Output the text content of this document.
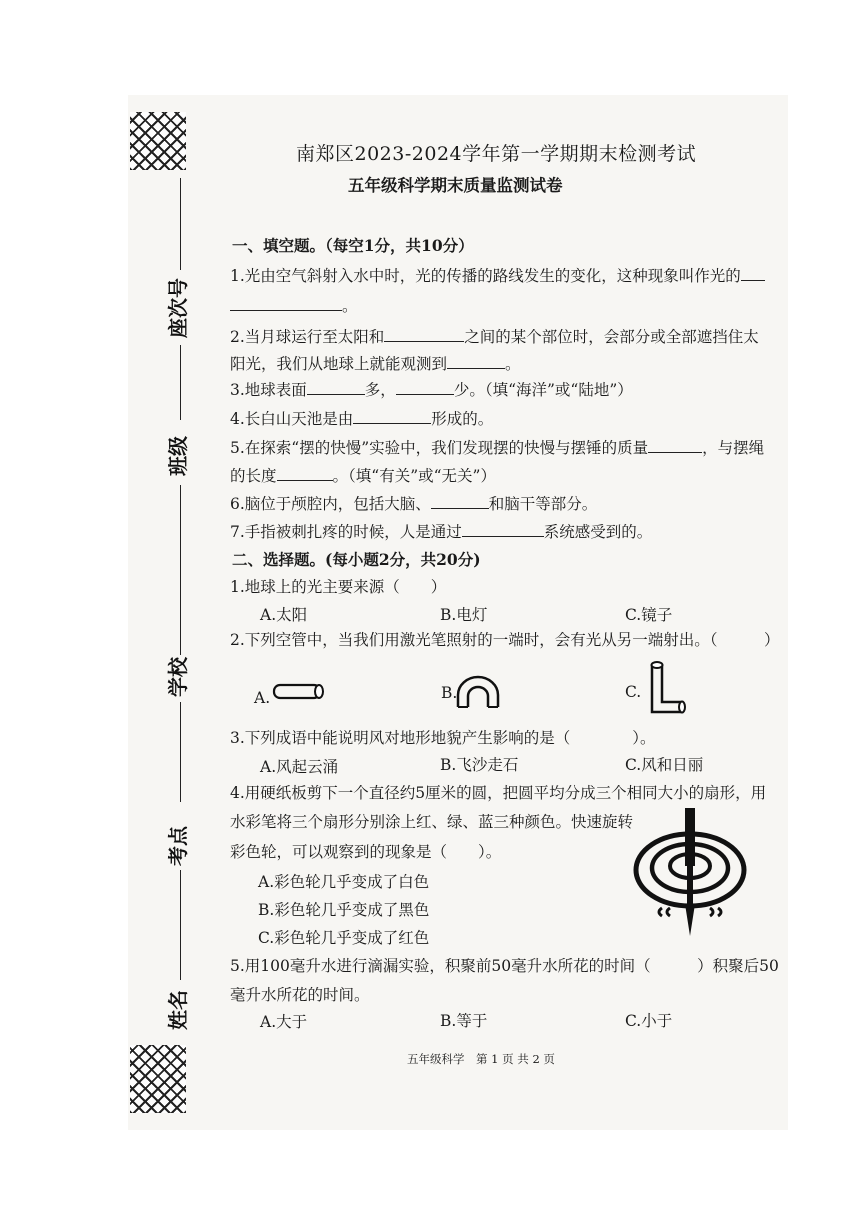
座次号
班级
学校
考点
姓名
南郑区2023-2024学年第一学期期末检测考试
五年级科学期末质量监测试卷
一、填空题。（每空1分，共10分）
1.光由空气斜射入水中时，光的传播的路线发生的变化，这种现象叫作光的
。
2.当月球运行至太阳和	之间的某个部位时，会部分或全部遮挡住太
阳光，我们从地球上就能观测到	。
3.地球表面	多，	少。（填“海洋”或“陆地”）
4.长白山天池是由	形成的。
5.在探索“摆的快慢”实验中，我们发现摆的快慢与摆锤的质量	，与摆绳
的长度	。（填“有关”或“无关”）
6.脑位于颅腔内，包括大脑、	和脑干等部分。
7.手指被刺扎疼的时候，人是通过	系统感受到的。
二、选择题。(每小题2分，共20分)
1.地球上的光主要来源（　　）
A.太阳	B.电灯	C.镜子
2.下列空管中，当我们用激光笔照射的一端时，会有光从另一端射出。（　　　）
A.	B.	C.
3.下列成语中能说明风对地形地貌产生影响的是（　　　　）。
A.风起云涌	B.飞沙走石	C.风和日丽
4.用硬纸板剪下一个直径约5厘米的圆，把圆平均分成三个相同大小的扇形，用
水彩笔将三个扇形分别涂上红、绿、蓝三种颜色。快速旋转
彩色轮，可以观察到的现象是（　　）。
A.彩色轮几乎变成了白色
B.彩色轮几乎变成了黑色
C.彩色轮几乎变成了红色
5.用100毫升水进行滴漏实验，积聚前50毫升水所花的时间（　　　）积聚后50
毫升水所花的时间。
A.大于	B.等于	C.小于
五年级科学　第 1 页 共 2 页
